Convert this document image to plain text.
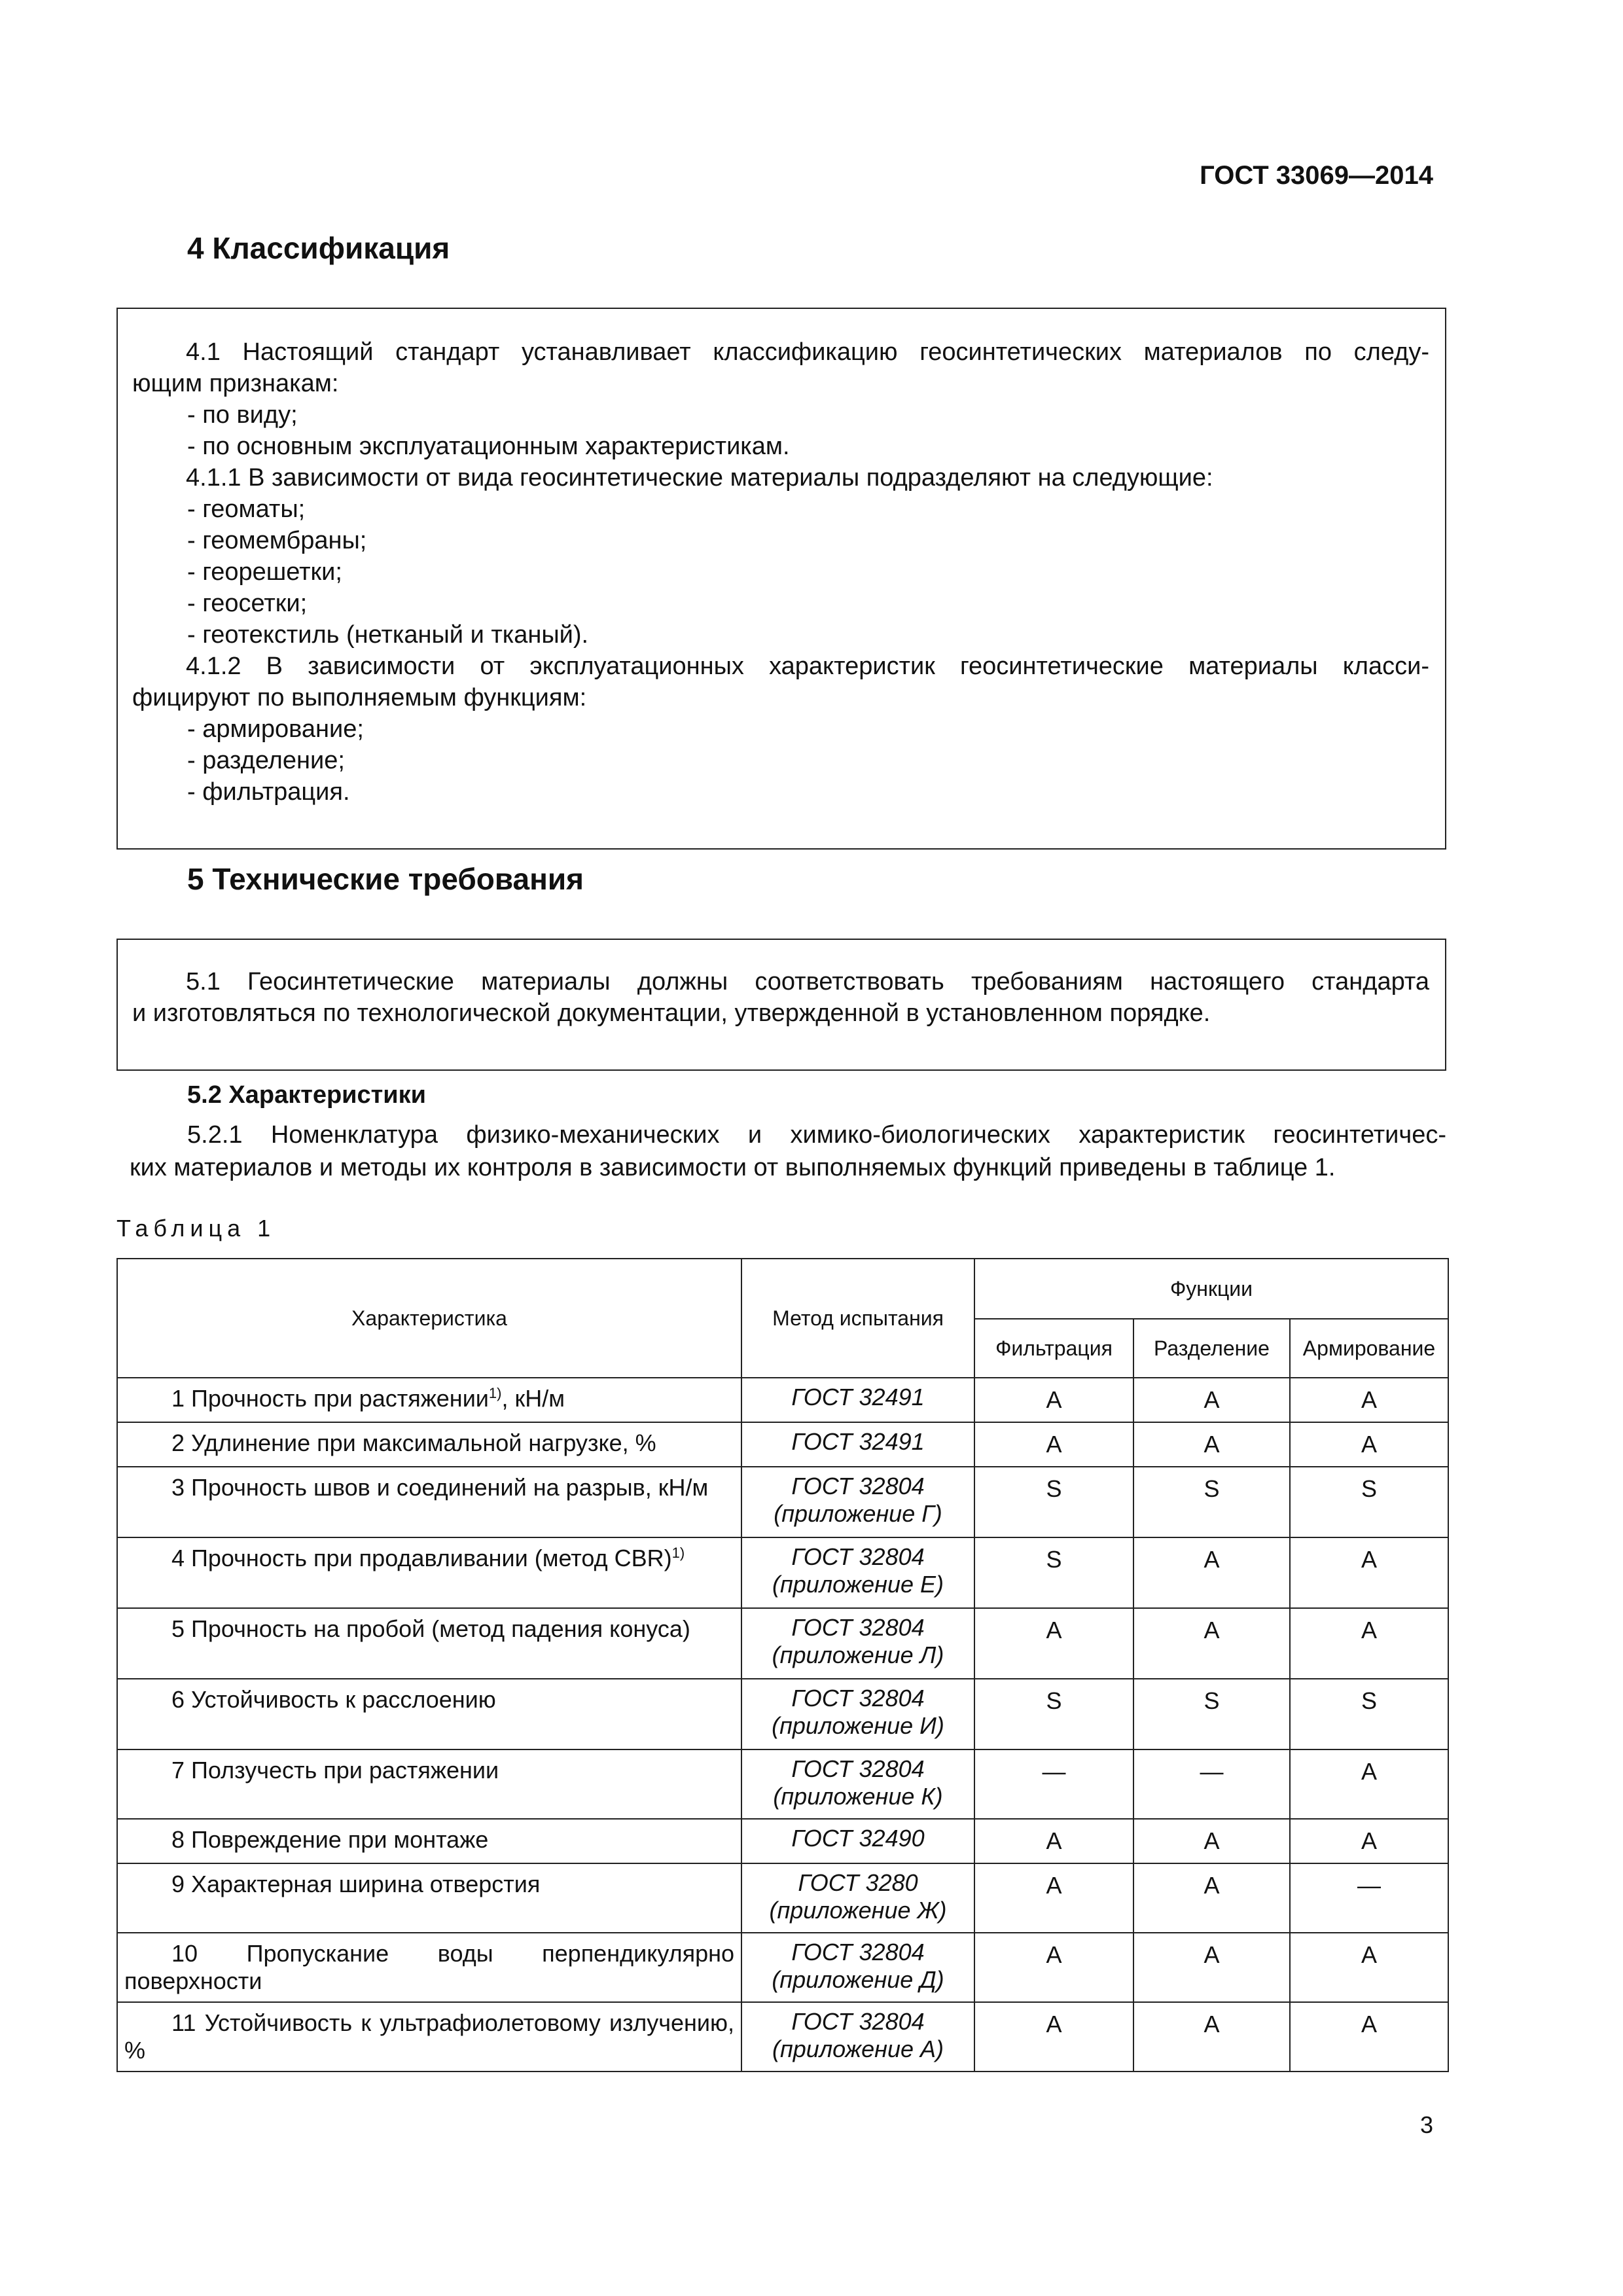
ГОСТ 33069—2014
4 Классификация
4.1 Настоящий стандарт устанавливает классификацию геосинтетических материалов по следу-
ющим признакам:
- по виду;
- по основным эксплуатационным характеристикам.
4.1.1 В зависимости от вида геосинтетические материалы подразделяют на следующие:
- геоматы;
- геомембраны;
- георешетки;
- геосетки;
- геотекстиль (нетканый и тканый).
4.1.2 В зависимости от эксплуатационных характеристик геосинтетические материалы класси-
фицируют по выполняемым функциям:
- армирование;
- разделение;
- фильтрация.
5 Технические требования
5.1 Геосинтетические материалы должны соответствовать требованиям настоящего стандарта
и изготовляться по технологической документации, утвержденной в установленном порядке.
5.2 Характеристики
5.2.1 Номенклатура физико-механических и химико-биологических характеристик геосинтетичес-
ких материалов и методы их контроля в зависимости от выполняемых функций приведены в таблице 1.
Таблица 1
Характеристика	Метод испытания	Функции		
		Фильтрация	Разделение	Армирование
1 Прочность при растяжении$^{1)}$, кН/м	ГОСТ 32491	A	A	A
2 Удлинение при максимальной нагрузке, %	ГОСТ 32491	A	A	A
3 Прочность швов и соединений на разрыв, кН/м	ГОСТ 32804
(приложение Г)	S	S	S
4 Прочность при продавливании (метод CBR)$^{1)}$	ГОСТ 32804
(приложение Е)	S	A	A
5 Прочность на пробой (метод падения конуса)	ГОСТ 32804
(приложение Л)	A	A	A
6 Устойчивость к расслоению	ГОСТ 32804
(приложение И)	S	S	S
7 Ползучесть при растяжении	ГОСТ 32804
(приложение К)	—	—	A
8 Повреждение при монтаже	ГОСТ 32490	A	A	A
9 Характерная ширина отверстия	ГОСТ 3280
(приложение Ж)	A	A	—
10 Пропускание воды перпендикулярно поверхности	ГОСТ 32804
(приложение Д)	A	A	A
11 Устойчивость к ультрафиолетовому излучению, %	ГОСТ 32804
(приложение А)	A	A	A
3
